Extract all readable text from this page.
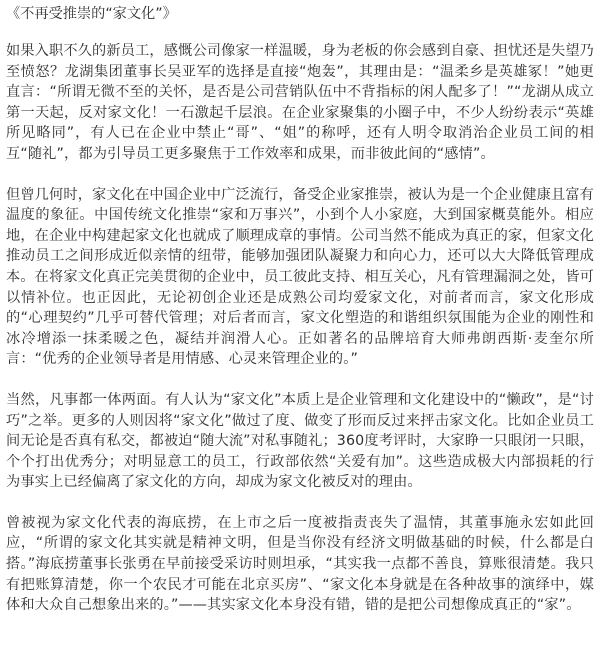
《不再受推崇的“家文化”》

如果入职不久的新员工，感慨公司像家一样温暖，身为老板的你会感到自豪、担忧还是失望乃至愤怒？龙湖集团董事长吴亚军的选择是直接“炮轰”，其理由是：“温柔乡是英雄冢！”她更直言：“所谓无微不至的关怀，是否是公司营销队伍中不背指标的闲人配多了！”“龙湖从成立第一天起，反对家文化！一石激起千层浪。在企业家聚集的小圈子中，不少人纷纷表示“英雄所见略同”，有人已在企业中禁止“哥”、“姐”的称呼，还有人明令取消治企业员工间的相互“随礼”，都为引导员工更多聚焦于工作效率和成果，而非彼此间的“感情”。

但曾几何时，家文化在中国企业中广泛流行，备受企业家推崇，被认为是一个企业健康且富有温度的象征。中国传统文化推崇“家和万事兴”，小到个人小家庭，大到国家概莫能外。相应地，在企业中构建起家文化也就成了顺理成章的事情。公司当然不能成为真正的家，但家文化推动员工之间形成近似亲情的纽带，能够加强团队凝聚力和向心力，还可以大大降低管理成本。在将家文化真正完美贯彻的企业中，员工彼此支持、相互关心，凡有管理漏洞之处，皆可以情补位。也正因此，无论初创企业还是成熟公司均爱家文化，对前者而言，家文化形成的“心理契约”几乎可替代管理；对后者而言，家文化塑造的和谐组织氛围能为企业的刚性和冰冷增添一抹柔暖之色，凝结并润滑人心。正如著名的品牌培育大师弗朗西斯·麦奎尔所言：“优秀的企业领导者是用情感、心灵来管理企业的。”

当然，凡事都一体两面。有人认为“家文化”本质上是企业管理和文化建设中的“懒政”，是“讨巧”之举。更多的人则因将“家文化”做过了度、做变了形而反过来抨击家文化。比如企业员工间无论是否真有私交，都被迫“随大流”对私事随礼；360度考评时，大家睁一只眼闭一只眼，个个打出优秀分；对明显意工的员工，行政部依然“关爱有加”。这些造成极大内部损耗的行为事实上已经偏离了家文化的方向，却成为家文化被反对的理由。

曾被视为家文化代表的海底捞，在上市之后一度被指责丧失了温情，其董事施永宏如此回应，“所谓的家文化其实就是精神文明，但是当你没有经济文明做基础的时候，什么都是白搭。”海底捞董事长张勇在早前接受采访时则坦承，“其实我一点都不善良，算账很清楚。我只有把账算清楚，你一个农民才可能在北京买房”、“家文化本身就是在各种故事的演绎中，媒体和大众自己想象出来的。”——其实家文化本身没有错，错的是把公司想像成真正的“家”。
